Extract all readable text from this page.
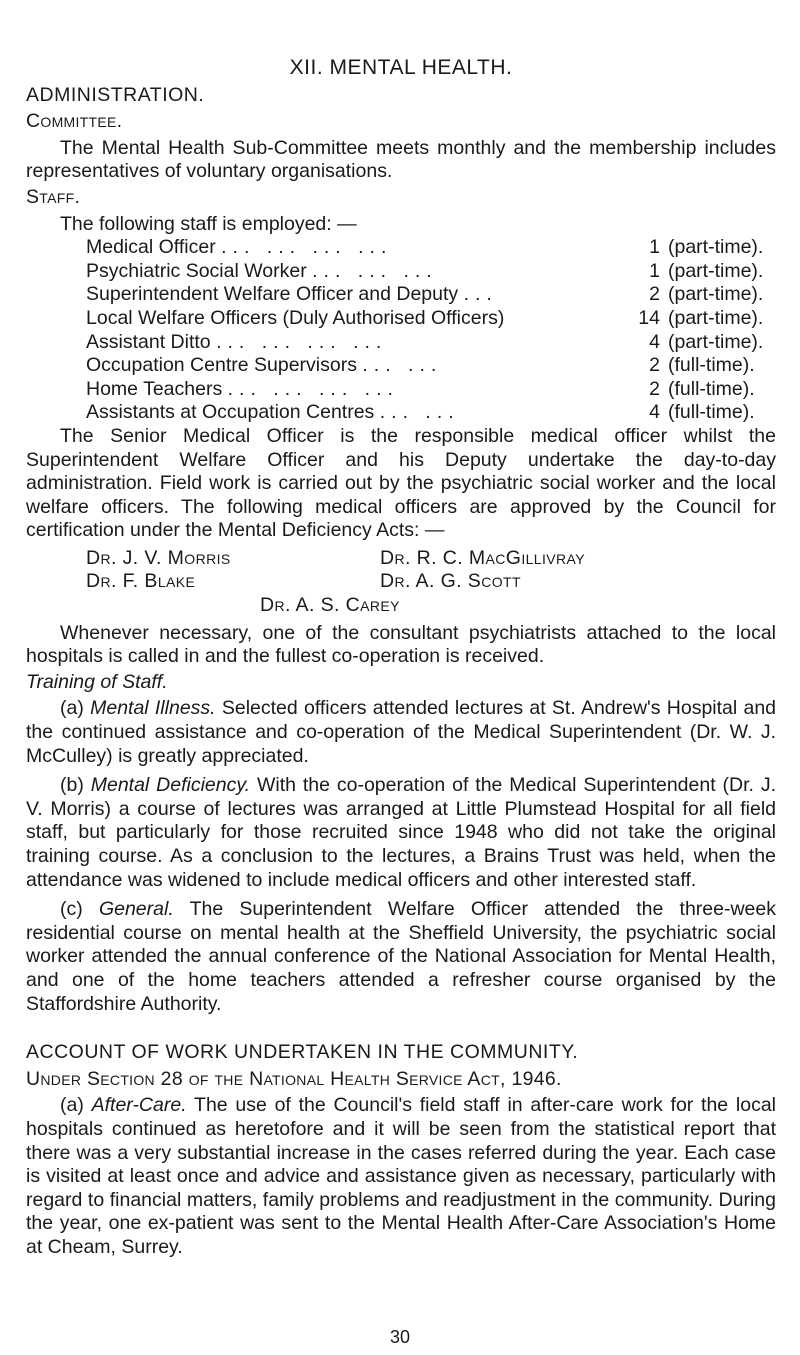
XII. MENTAL HEALTH.
ADMINISTRATION.
Committee.

The Mental Health Sub-Committee meets monthly and the membership includes representatives of voluntary organisations.

Staff.
The following staff is employed: —
Medical Officer ... ... ... ...	1 (part-time).
Psychiatric Social Worker ... ... ...	1 (part-time).
Superintendent Welfare Officer and Deputy ...	2 (part-time).
Local Welfare Officers (Duly Authorised Officers)	14 (part-time).
Assistant Ditto ... ... ... ...	4 (part-time).
Occupation Centre Supervisors ... ...	2 (full-time).
Home Teachers ... ... ... ...	2 (full-time).
Assistants at Occupation Centres ... ...	4 (full-time).

The Senior Medical Officer is the responsible medical officer whilst the Superintendent Welfare Officer and his Deputy undertake the day-to-day administration. Field work is carried out by the psychiatric social worker and the local welfare officers. The following medical officers are approved by the Council for certification under the Mental Deficiency Acts: —

Dr. J. V. Morris	Dr. R. C. MacGillivray
Dr. F. Blake	Dr. A. G. Scott
Dr. A. S. Carey

Whenever necessary, one of the consultant psychiatrists attached to the local hospitals is called in and the fullest co-operation is received.

Training of Staff.

(a) Mental Illness. Selected officers attended lectures at St. Andrew's Hospital and the continued assistance and co-operation of the Medical Superintendent (Dr. W. J. McCulley) is greatly appreciated.

(b) Mental Deficiency. With the co-operation of the Medical Superintendent (Dr. J. V. Morris) a course of lectures was arranged at Little Plumstead Hospital for all field staff, but particularly for those recruited since 1948 who did not take the original training course. As a conclusion to the lectures, a Brains Trust was held, when the attendance was widened to include medical officers and other interested staff.

(c) General. The Superintendent Welfare Officer attended the three-week residential course on mental health at the Sheffield University, the psychiatric social worker attended the annual conference of the National Association for Mental Health, and one of the home teachers attended a refresher course organised by the Staffordshire Authority.

ACCOUNT OF WORK UNDERTAKEN IN THE COMMUNITY.
Under Section 28 of the National Health Service Act, 1946.

(a) After-Care. The use of the Council's field staff in after-care work for the local hospitals continued as heretofore and it will be seen from the statistical report that there was a very substantial increase in the cases referred during the year. Each case is visited at least once and advice and assistance given as necessary, particularly with regard to financial matters, family problems and readjustment in the community. During the year, one ex-patient was sent to the Mental Health After-Care Association's Home at Cheam, Surrey.

30
